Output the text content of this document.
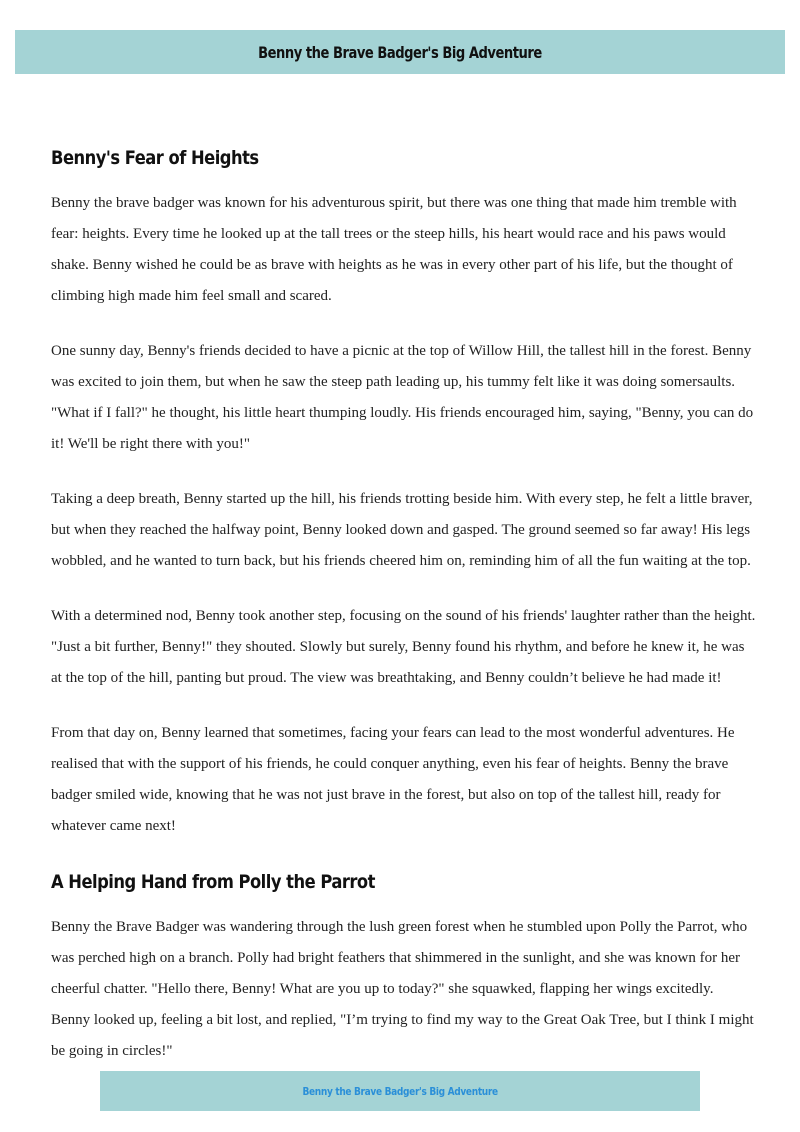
Benny the Brave Badger's Big Adventure
Benny's Fear of Heights

Benny the brave badger was known for his adventurous spirit, but there was one thing that made him tremble with fear: heights. Every time he looked up at the tall trees or the steep hills, his heart would race and his paws would shake. Benny wished he could be as brave with heights as he was in every other part of his life, but the thought of climbing high made him feel small and scared.

One sunny day, Benny's friends decided to have a picnic at the top of Willow Hill, the tallest hill in the forest. Benny was excited to join them, but when he saw the steep path leading up, his tummy felt like it was doing somersaults. "What if I fall?" he thought, his little heart thumping loudly. His friends encouraged him, saying, "Benny, you can do it! We'll be right there with you!"

Taking a deep breath, Benny started up the hill, his friends trotting beside him. With every step, he felt a little braver, but when they reached the halfway point, Benny looked down and gasped. The ground seemed so far away! His legs wobbled, and he wanted to turn back, but his friends cheered him on, reminding him of all the fun waiting at the top.

With a determined nod, Benny took another step, focusing on the sound of his friends' laughter rather than the height. "Just a bit further, Benny!" they shouted. Slowly but surely, Benny found his rhythm, and before he knew it, he was at the top of the hill, panting but proud. The view was breathtaking, and Benny couldn’t believe he had made it!

From that day on, Benny learned that sometimes, facing your fears can lead to the most wonderful adventures. He realised that with the support of his friends, he could conquer anything, even his fear of heights. Benny the brave badger smiled wide, knowing that he was not just brave in the forest, but also on top of the tallest hill, ready for whatever came next!

A Helping Hand from Polly the Parrot

Benny the Brave Badger was wandering through the lush green forest when he stumbled upon Polly the Parrot, who was perched high on a branch. Polly had bright feathers that shimmered in the sunlight, and she was known for her cheerful chatter. "Hello there, Benny! What are you up to today?" she squawked, flapping her wings excitedly. Benny looked up, feeling a bit lost, and replied, "I’m trying to find my way to the Great Oak Tree, but I think I might be going in circles!"

Benny the Brave Badger's Big Adventure
